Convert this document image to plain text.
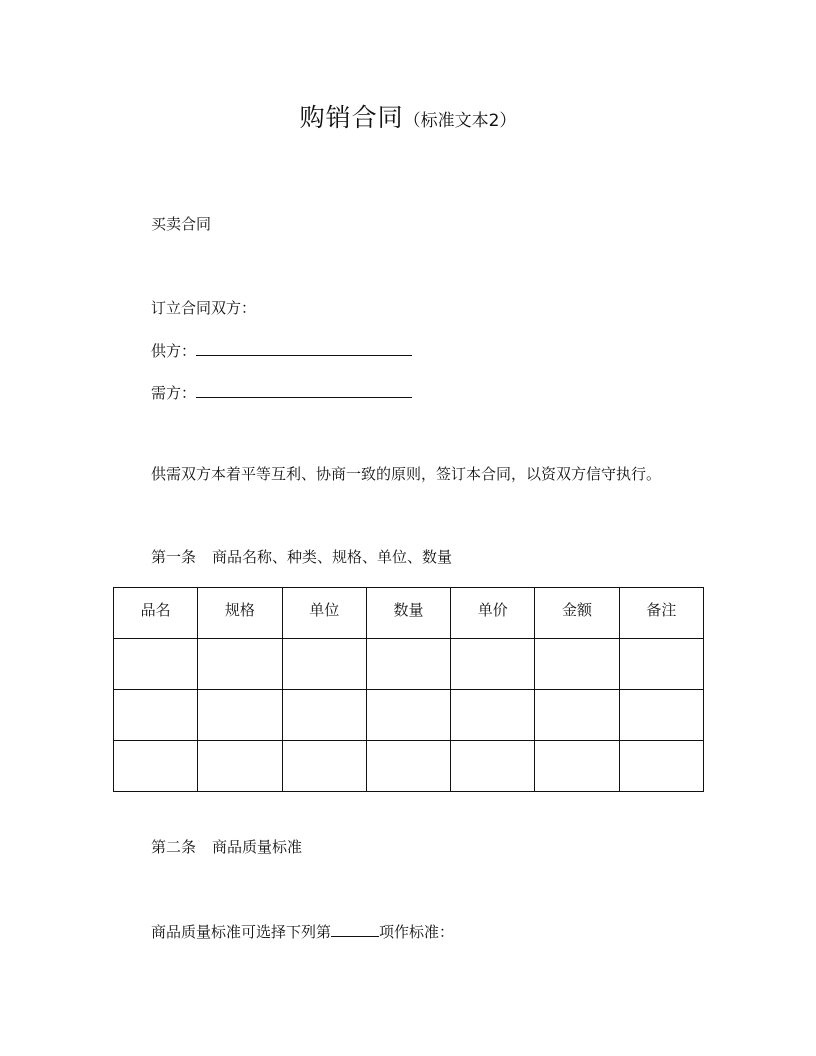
购销合同（标准文本2）
买卖合同
订立合同双方：
供方：
需方：
供需双方本着平等互利、协商一致的原则，签订本合同，以资双方信守执行。
第一条 商品名称、种类、规格、单位、数量
品名	规格	单位	数量	单价	金额	备注

第二条 商品质量标准
商品质量标准可选择下列第	项作标准：
